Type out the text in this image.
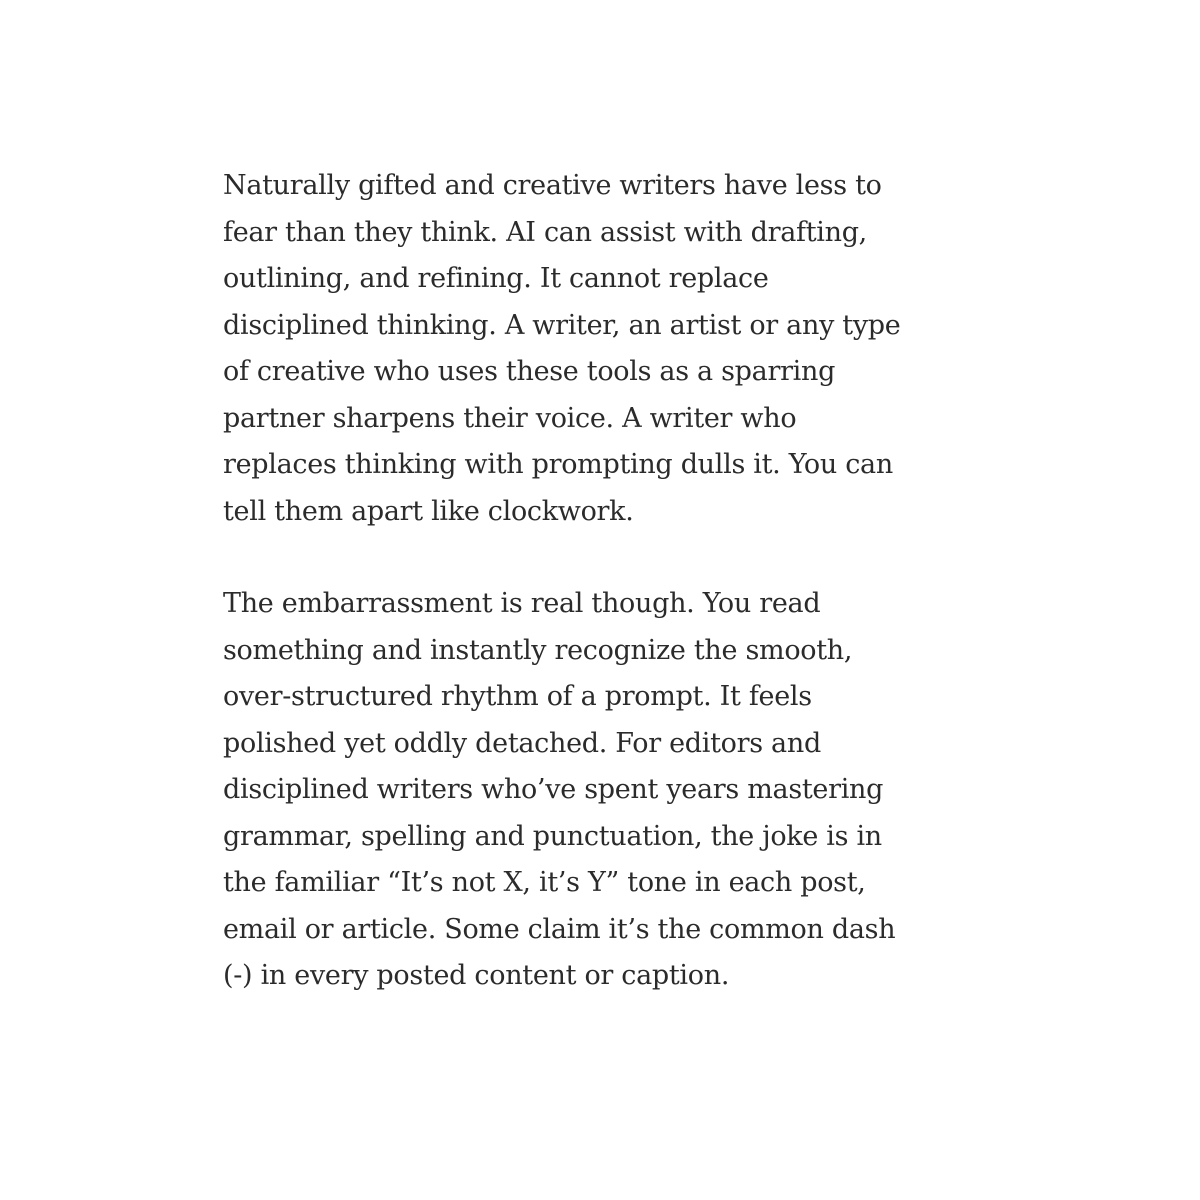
Naturally gifted and creative writers have less to
fear than they think. AI can assist with drafting,
outlining, and refining. It cannot replace
disciplined thinking. A writer, an artist or any type
of creative who uses these tools as a sparring
partner sharpens their voice. A writer who
replaces thinking with prompting dulls it. You can
tell them apart like clockwork.

The embarrassment is real though. You read
something and instantly recognize the smooth,
over-structured rhythm of a prompt. It feels
polished yet oddly detached. For editors and
disciplined writers who’ve spent years mastering
grammar, spelling and punctuation, the joke is in
the familiar “It’s not X, it’s Y” tone in each post,
email or article. Some claim it’s the common dash
(-) in every posted content or caption.
